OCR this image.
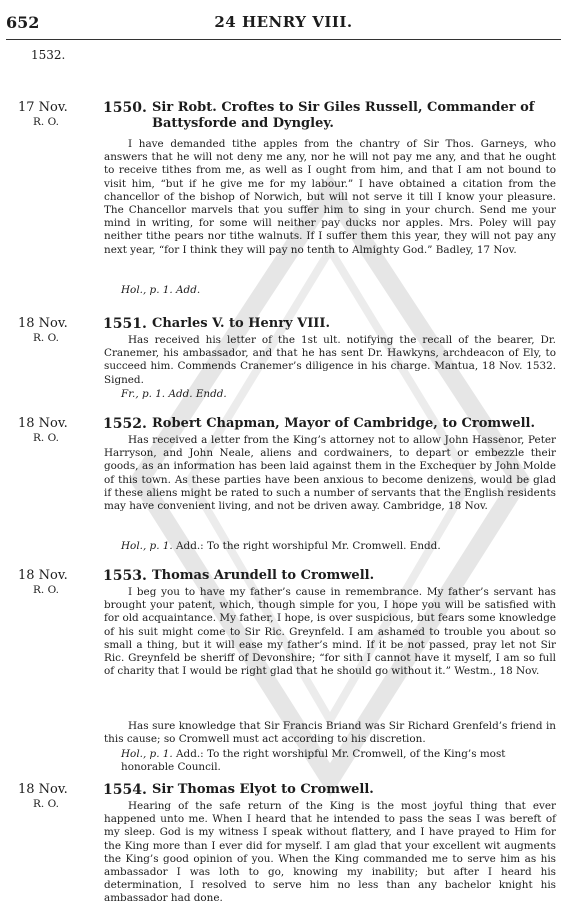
652	24 HENRY VIII.
1532.
17 Nov.
R. O.
1550. Sir Robt. Croftes to Sir Giles Russell, Commander of Battysforde and Dyngley.

I have demanded tithe apples from the chantry of Sir Thos. Garneys, who answers that he will not deny me any, nor he will not pay me any, and that he ought to receive tithes from me, as well as I ought from him, and that I am not bound to visit him, “but if he give me for my labour.” I have obtained a citation from the chancellor of the bishop of Norwich, but will not serve it till I know your pleasure. The Chancellor marvels that you suffer him to sing in your church. Send me your mind in writing, for some will neither pay ducks nor apples. Mrs. Poley will pay neither tithe pears nor tithe walnuts. If I suffer them this year, they will not pay any next year, “for I think they will pay no tenth to Almighty God.” Badley, 17 Nov.

Hol., p. 1. Add.

18 Nov.
R. O.
1551. Charles V. to Henry VIII.

Has received his letter of the 1st ult. notifying the recall of the bearer, Dr. Cranemer, his ambassador, and that he has sent Dr. Hawkyns, archdeacon of Ely, to succeed him. Commends Cranemer’s diligence in his charge. Mantua, 18 Nov. 1532. Signed.

Fr., p. 1. Add. Endd.

18 Nov.
R. O.
1552. Robert Chapman, Mayor of Cambridge, to Cromwell.

Has received a letter from the King’s attorney not to allow John Hassenor, Peter Harryson, and John Neale, aliens and cordwainers, to depart or embezzle their goods, as an information has been laid against them in the Exchequer by John Molde of this town. As these parties have been anxious to become denizens, would be glad if these aliens might be rated to such a number of servants that the English residents may have convenient living, and not be driven away. Cambridge, 18 Nov.

Hol., p. 1. Add.: To the right worshipful Mr. Cromwell. Endd.

18 Nov.
R. O.
1553. Thomas Arundell to Cromwell.

I beg you to have my father’s cause in remembrance. My father’s servant has brought your patent, which, though simple for you, I hope you will be satisfied with for old acquaintance. My father, I hope, is over suspicious, but fears some knowledge of his suit might come to Sir Ric. Greynfeld. I am ashamed to trouble you about so small a thing, but it will ease my father’s mind. If it be not passed, pray let not Sir Ric. Greynfeld be sheriff of Devonshire; “for sith I cannot have it myself, I am so full of charity that I would be right glad that he should go without it.” Westm., 18 Nov.

Has sure knowledge that Sir Francis Briand was Sir Richard Grenfeld’s friend in this cause; so Cromwell must act according to his discretion.

Hol., p. 1. Add.: To the right worshipful Mr. Cromwell, of the King’s most honorable Council.

18 Nov.
R. O.
1554. Sir Thomas Elyot to Cromwell.

Hearing of the safe return of the King is the most joyful thing that ever happened unto me. When I heard that he intended to pass the seas I was bereft of my sleep. God is my witness I speak without flattery, and I have prayed to Him for the King more than I ever did for myself. I am glad that your excellent wit augments the King’s good opinion of you. When the King commanded me to serve him as his ambassador I was loth to go, knowing my inability; but after I heard his determination, I resolved to serve him no less than any bachelor knight his ambassador had done.
